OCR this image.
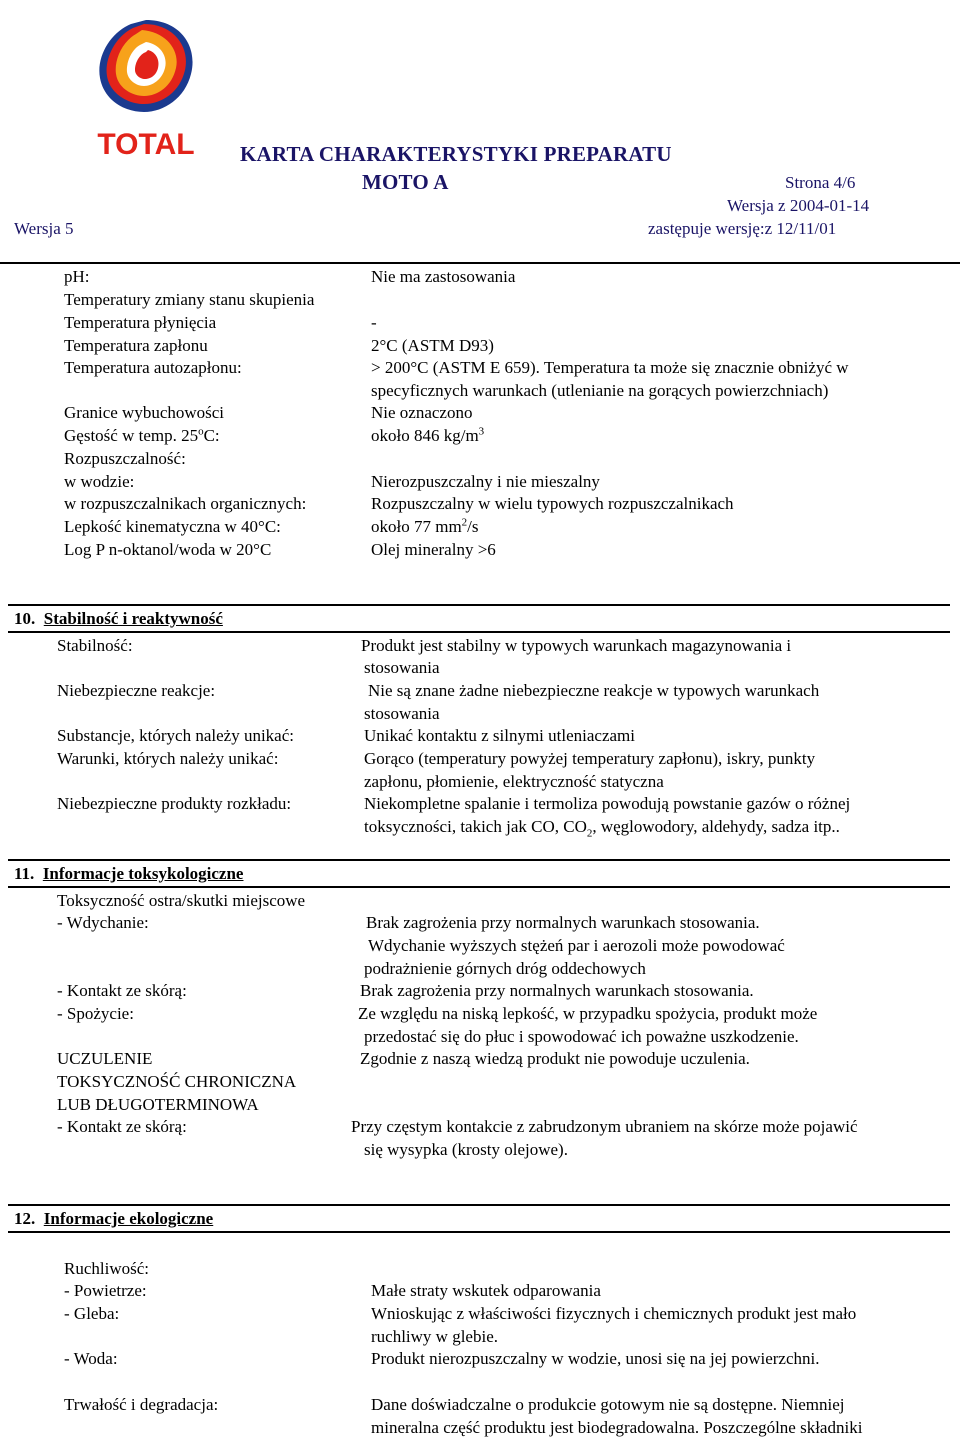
TOTAL KARTA CHARAKTERYSTYKI PREPARATU
MOTO A	Strona 4/6
Wersja z 2004-01-14
Wersja 5	zastępuje wersję:z 12/11/01
pH:	Nie ma zastosowania
Temperatury zmiany stanu skupienia
Temperatura płynięcia	-
Temperatura zapłonu	2°C (ASTM D93)
Temperatura autozapłonu:	> 200°C (ASTM E 659). Temperatura ta może się znacznie obniżyć w
specyficznych warunkach (utlenianie na gorących powierzchniach)
Granice wybuchowości	Nie oznaczono
Gęstość w temp. 25$^o$C:	około 846 $kg/m^3$
Rozpuszczalność:
w wodzie:	Nierozpuszczalny i nie mieszalny
w rozpuszczalnikach organicznych:	Rozpuszczalny w wielu typowych rozpuszczalnikach
Lepkość kinematyczna w 40°C:	około 77 $mm^2/s$
Log P n-oktanol/woda w 20°C	Olej mineralny >6
10. Stabilność i reaktywność
Stabilność:	Produkt jest stabilny w typowych warunkach magazynowania i
stosowania
Niebezpieczne reakcje:	Nie są znane żadne niebezpieczne reakcje w typowych warunkach
stosowania
Substancje, których należy unikać:	Unikać kontaktu z silnymi utleniaczami
Warunki, których należy unikać:	Gorąco (temperatury powyżej temperatury zapłonu), iskry, punkty
zapłonu, płomienie, elektryczność statyczna
Niebezpieczne produkty rozkładu:	Niekompletne spalanie i termoliza powodują powstanie gazów o różnej
toksyczności, takich jak CO, $CO_2$, węglowodory, aldehydy, sadza itp..
11. Informacje toksykologiczne
Toksyczność ostra/skutki miejscowe
- Wdychanie:	Brak zagrożenia przy normalnych warunkach stosowania.
Wdychanie wyższych stężeń par i aerozoli może powodować
podrażnienie górnych dróg oddechowych
- Kontakt ze skórą:	Brak zagrożenia przy normalnych warunkach stosowania.
- Spożycie:	Ze względu na niską lepkość, w przypadku spożycia, produkt może
przedostać się do płuc i spowodować ich poważne uszkodzenie.
UCZULENIE	Zgodnie z naszą wiedzą produkt nie powoduje uczulenia.
TOKSYCZNOŚĆ CHRONICZNA
LUB DŁUGOTERMINOWA
- Kontakt ze skórą:	Przy częstym kontakcie z zabrudzonym ubraniem na skórze może pojawić
się wysypka (krosty olejowe).
12. Informacje ekologiczne
Ruchliwość:
- Powietrze:	Małe straty wskutek odparowania
- Gleba:	Wnioskując z właściwości fizycznych i chemicznych produkt jest mało
ruchliwy w glebie.
- Woda:	Produkt nierozpuszczalny w wodzie, unosi się na jej powierzchni.
Trwałość i degradacja:	Dane doświadczalne o produkcie gotowym nie są dostępne. Niemniej
mineralna część produktu jest biodegradowalna. Poszczególne składniki
